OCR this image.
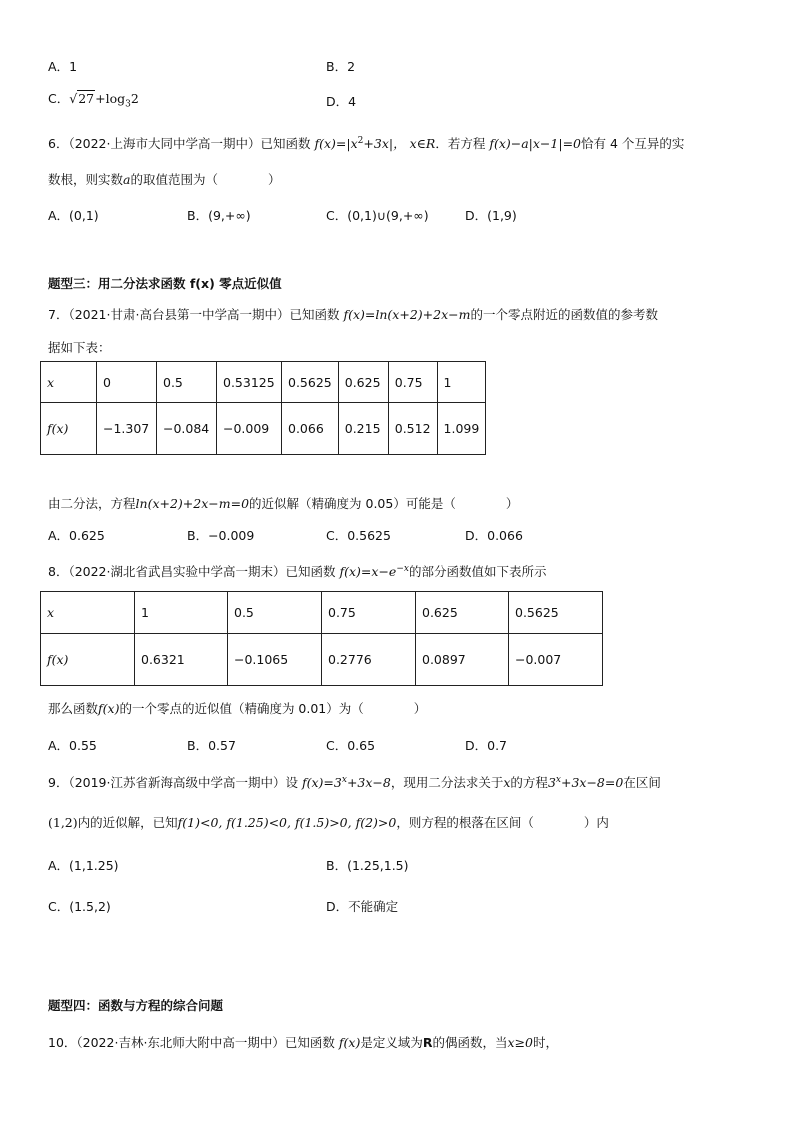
A．1	B．2
C．$√27+\log_32$	D．4
6．（2022·上海市大同中学高一期中）已知函数 $f(x)=|x^2+3x|$， x∈R．若方程 f(x)−a|x−1|=0恰有 4 个互异的实
数根，则实数a的取值范围为（　　　　）
A．(0,1)	B．(9,+∞)	C．(0,1)∪(9,+∞)	D．(1,9)
题型三：用二分法求函数 f(x) 零点近似值
7．（2021·甘肃·高台县第一中学高一期中）已知函数 f(x)=ln(x+2)+2x−m的一个零点附近的函数值的参考数
据如下表：
x	0	0.5	0.53125	0.5625	0.625	0.75	1
f(x)	−1.307	−0.084	−0.009	0.066	0.215	0.512	1.099
由二分法，方程ln(x+2)+2x−m=0的近似解（精确度为 0.05）可能是（　　　　）
A．0.625	B．−0.009	C．0.5625	D．0.066
8．（2022·湖北省武昌实验中学高一期末）已知函数 $f(x)=x-e^{-x}$的部分函数值如下表所示
x	1	0.5	0.75	0.625	0.5625
f(x)	0.6321	−0.1065	0.2776	0.0897	−0.007
那么函数f(x)的一个零点的近似值（精确度为 0.01）为（　　　　）
A．0.55	B．0.57	C．0.65	D．0.7
9．（2019·江苏省新海高级中学高一期中）设 $f(x)=3^x+3x-8$，现用二分法求关于x的方程$3^x+3x-8=0$在区间
(1,2)内的近似解，已知f(1)<0, f(1.25)<0, f(1.5)>0, f(2)>0，则方程的根落在区间（　　　　）内
A．(1,1.25)	B．(1.25,1.5)
C．(1.5,2)	D．不能确定
题型四：函数与方程的综合问题
10．（2022·吉林·东北师大附中高一期中）已知函数 f(x)是定义域为R的偶函数，当x≥0时，
